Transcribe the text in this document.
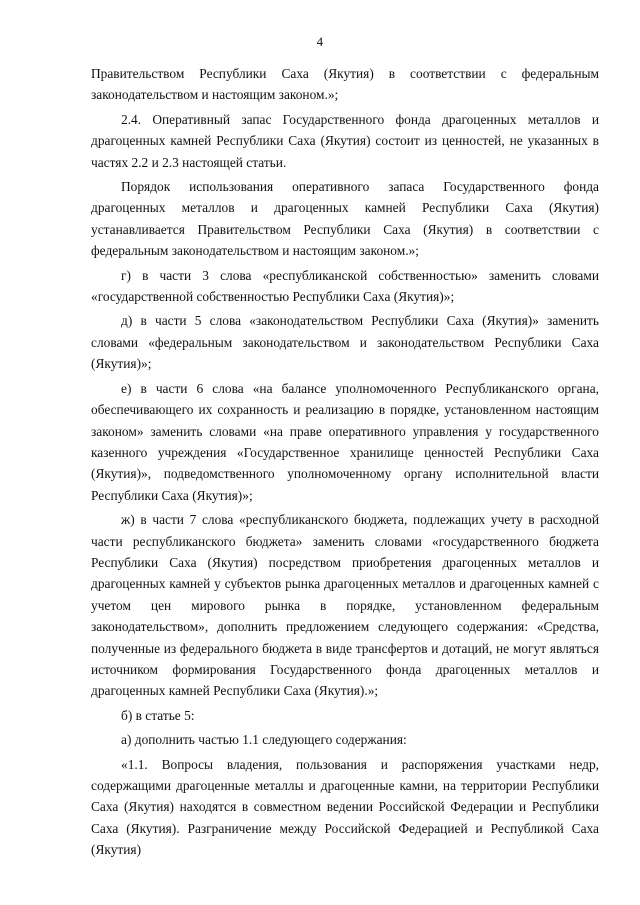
4

Правительством Республики Саха (Якутия) в соответствии с федеральным законодательством и настоящим законом.»;

2.4. Оперативный запас Государственного фонда драгоценных металлов и драгоценных камней Республики Саха (Якутия) состоит из ценностей, не указанных в частях 2.2 и 2.3 настоящей статьи.

Порядок использования оперативного запаса Государственного фонда драгоценных металлов и драгоценных камней Республики Саха (Якутия) устанавливается Правительством Республики Саха (Якутия) в соответствии с федеральным законодательством и настоящим законом.»;

г) в части 3 слова «республиканской собственностью» заменить словами «государственной собственностью Республики Саха (Якутия)»;

д) в части 5 слова «законодательством Республики Саха (Якутия)» заменить словами «федеральным законодательством и законодательством Республики Саха (Якутия)»;

е) в части 6 слова «на балансе уполномоченного Республиканского органа, обеспечивающего их сохранность и реализацию в порядке, установленном настоящим законом» заменить словами «на праве оперативного управления у государственного казенного учреждения «Государственное хранилище ценностей Республики Саха (Якутия)», подведомственного уполномоченному органу исполнительной власти Республики Саха (Якутия)»;

ж) в части 7 слова «республиканского бюджета, подлежащих учету в расходной части республиканского бюджета» заменить словами «государственного бюджета Республики Саха (Якутия) посредством приобретения драгоценных металлов и драгоценных камней у субъектов рынка драгоценных металлов и драгоценных камней с учетом цен мирового рынка в порядке, установленном федеральным законодательством», дополнить предложением следующего содержания: «Средства, полученные из федерального бюджета в виде трансфертов и дотаций, не могут являться источником формирования Государственного фонда драгоценных металлов и драгоценных камней Республики Саха (Якутия).»;

б) в статье 5:

а) дополнить частью 1.1 следующего содержания:

«1.1. Вопросы владения, пользования и распоряжения участками недр, содержащими драгоценные металлы и драгоценные камни, на территории Республики Саха (Якутия) находятся в совместном ведении Российской Федерации и Республики Саха (Якутия). Разграничение между Российской Федерацией и Республикой Саха (Якутия)
